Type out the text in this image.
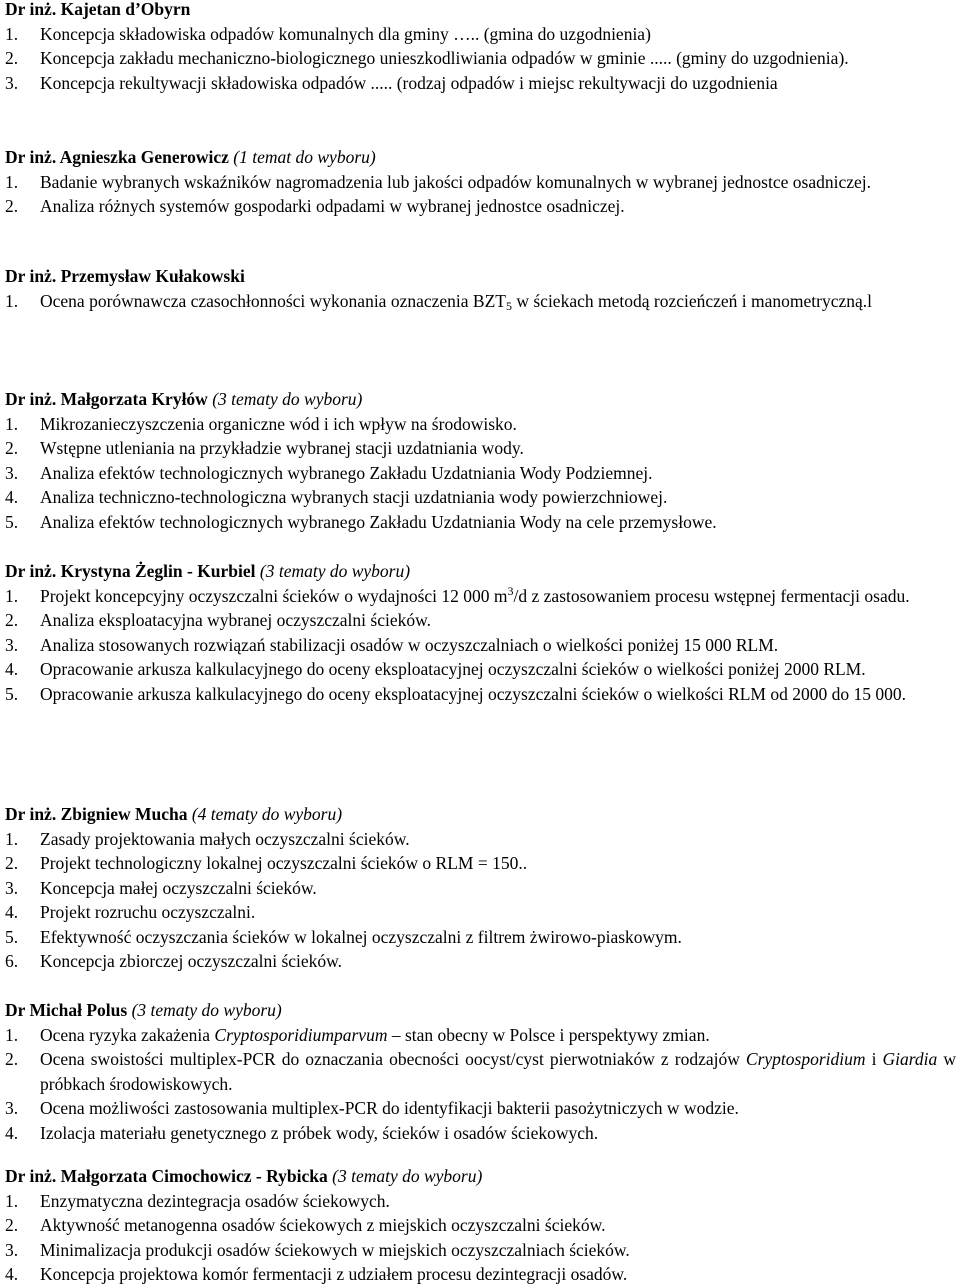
Dr inż. Kajetan d’Obyrn
1.	Koncepcja składowiska odpadów komunalnych dla gminy ….. (gmina do uzgodnienia)
2.	Koncepcja zakładu mechaniczno-biologicznego unieszkodliwiania odpadów w gminie ..... (gminy do uzgodnienia).
3.	Koncepcja rekultywacji składowiska odpadów ..... (rodzaj odpadów i miejsc rekultywacji do uzgodnienia
Dr inż. Agnieszka Generowicz (1 temat do wyboru)
1.	Badanie wybranych wskaźników nagromadzenia lub jakości odpadów komunalnych w wybranej jednostce osadniczej.
2.	Analiza różnych systemów gospodarki odpadami w wybranej jednostce osadniczej.
Dr inż. Przemysław Kułakowski
1.	Ocena porównawcza czasochłonności wykonania oznaczenia $BZT_5$ w ściekach metodą rozcieńczeń i manometryczną.l
Dr inż. Małgorzata Kryłów (3 tematy do wyboru)
1.	Mikrozanieczyszczenia organiczne wód i ich wpływ na środowisko.
2.	Wstępne utleniania na przykładzie wybranej stacji uzdatniania wody.
3.	Analiza efektów technologicznych wybranego Zakładu Uzdatniania Wody Podziemnej.
4.	Analiza techniczno-technologiczna wybranych stacji uzdatniania wody powierzchniowej.
5.	Analiza efektów technologicznych wybranego Zakładu Uzdatniania Wody na cele przemysłowe.
Dr inż. Krystyna Żeglin - Kurbiel (3 tematy do wyboru)
1.	Projekt koncepcyjny oczyszczalni ścieków o wydajności 12 000 $m^3/d$ z zastosowaniem procesu wstępnej fermentacji osadu.
2.	Analiza eksploatacyjna wybranej oczyszczalni ścieków.
3.	Analiza stosowanych rozwiązań stabilizacji osadów w oczyszczalniach o wielkości poniżej 15 000 RLM.
4.	Opracowanie arkusza kalkulacyjnego do oceny eksploatacyjnej oczyszczalni ścieków o wielkości poniżej 2000 RLM.
5.	Opracowanie arkusza kalkulacyjnego do oceny eksploatacyjnej oczyszczalni ścieków o wielkości RLM od 2000 do 15 000.
Dr inż. Zbigniew Mucha (4 tematy do wyboru)
1.	Zasady projektowania małych oczyszczalni ścieków.
2.	Projekt technologiczny lokalnej oczyszczalni ścieków o RLM = 150..
3.	Koncepcja małej oczyszczalni ścieków.
4.	Projekt rozruchu oczyszczalni.
5.	Efektywność oczyszczania ścieków w lokalnej oczyszczalni z filtrem żwirowo-piaskowym.
6.	Koncepcja zbiorczej oczyszczalni ścieków.
Dr Michał Polus (3 tematy do wyboru)
1.	Ocena ryzyka zakażenia Cryptosporidiumparvum – stan obecny w Polsce i perspektywy zmian.
2.	Ocena swoistości multiplex-PCR do oznaczania obecności oocyst/cyst pierwotniaków z rodzajów Cryptosporidium i Giardia w próbkach środowiskowych.
3.	Ocena możliwości zastosowania multiplex-PCR do identyfikacji bakterii pasożytniczych w wodzie.
4.	Izolacja materiału genetycznego z próbek wody, ścieków i osadów ściekowych.
Dr inż. Małgorzata Cimochowicz - Rybicka (3 tematy do wyboru)
1.	Enzymatyczna dezintegracja osadów ściekowych.
2.	Aktywność metanogenna osadów ściekowych z miejskich oczyszczalni ścieków.
3.	Minimalizacja produkcji osadów ściekowych w miejskich oczyszczalniach ścieków.
4.	Koncepcja projektowa komór fermentacji z udziałem procesu dezintegracji osadów.
